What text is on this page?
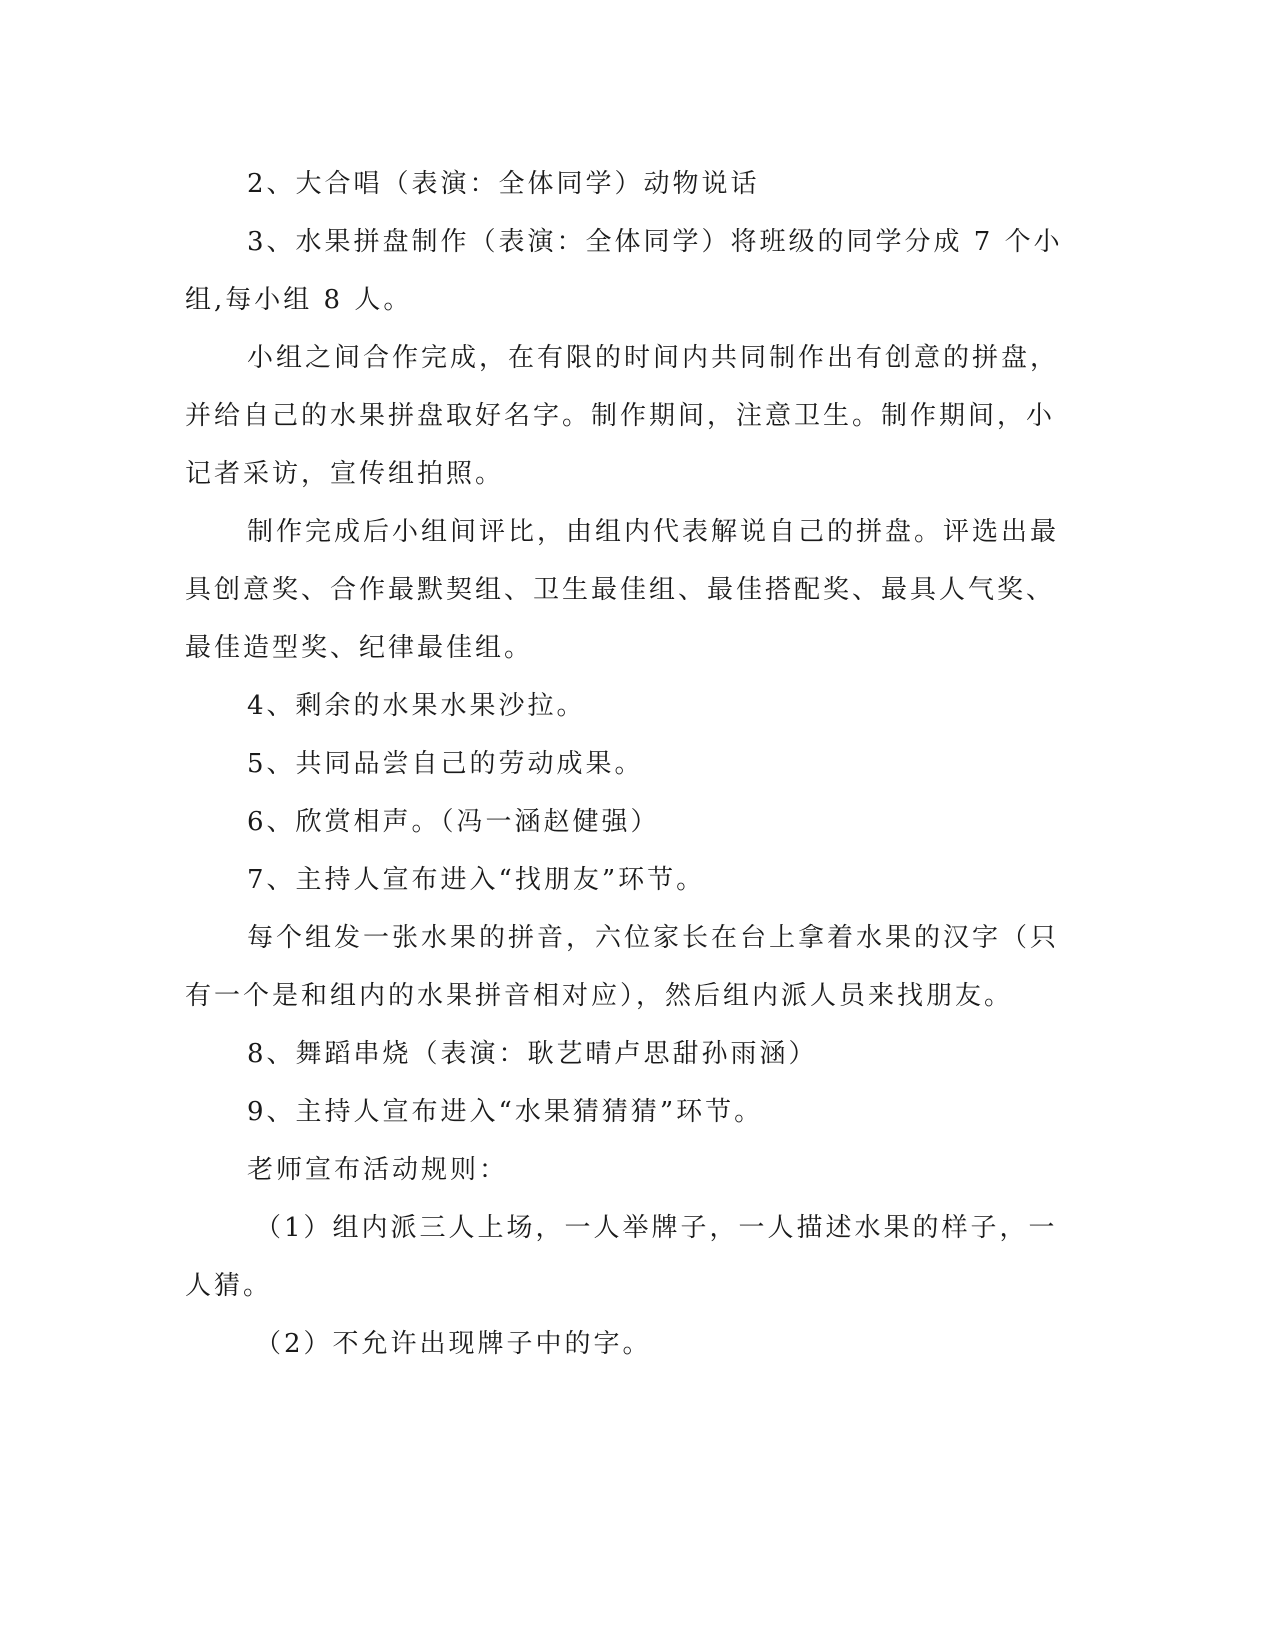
2、大合唱（表演：全体同学）动物说话

3、水果拼盘制作（表演：全体同学）将班级的同学分成 7 个小组,每小组 8 人。

小组之间合作完成，在有限的时间内共同制作出有创意的拼盘，并给自己的水果拼盘取好名字。制作期间，注意卫生。制作期间，小记者采访，宣传组拍照。

制作完成后小组间评比，由组内代表解说自己的拼盘。评选出最具创意奖、合作最默契组、卫生最佳组、最佳搭配奖、最具人气奖、最佳造型奖、纪律最佳组。

4、剩余的水果水果沙拉。

5、共同品尝自己的劳动成果。

6、欣赏相声。（冯一涵赵健强）

7、主持人宣布进入“找朋友”环节。

每个组发一张水果的拼音，六位家长在台上拿着水果的汉字（只有一个是和组内的水果拼音相对应），然后组内派人员来找朋友。

8、舞蹈串烧（表演：耿艺晴卢思甜孙雨涵）

9、主持人宣布进入“水果猜猜猜”环节。

老师宣布活动规则：

（1）组内派三人上场，一人举牌子，一人描述水果的样子，一人猜。

（2）不允许出现牌子中的字。
